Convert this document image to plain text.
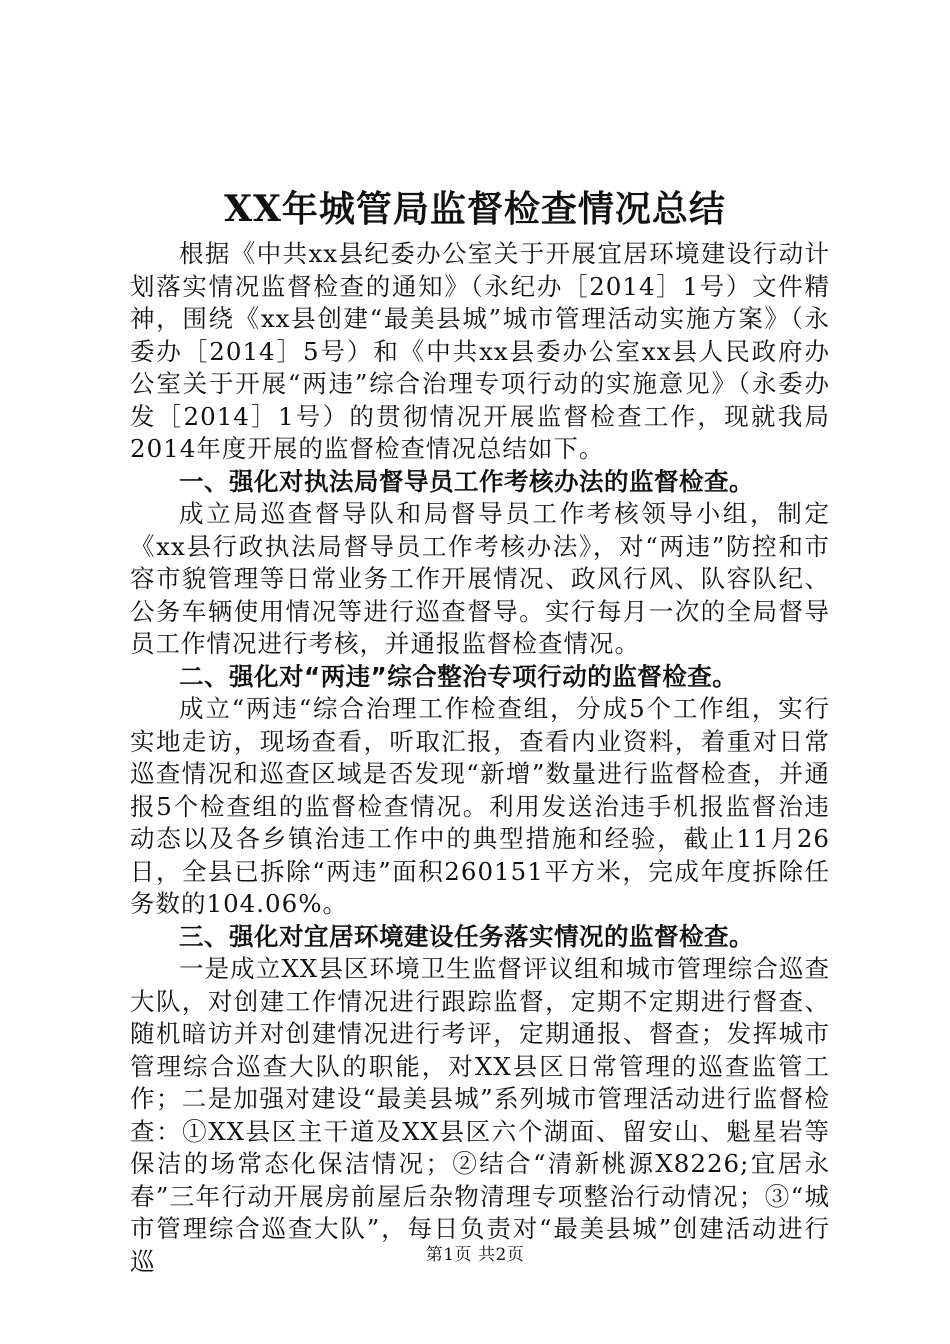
XX年城管局监督检查情况总结

根据《中共xx县纪委办公室关于开展宜居环境建设行动计划落实情况监督检查的通知》（永纪办［2014］1号）文件精神，围绕《xx县创建“最美县城”城市管理活动实施方案》（永委办［2014］5号）和《中共xx县委办公室xx县人民政府办公室关于开展“两违”综合治理专项行动的实施意见》（永委办发［2014］1号）的贯彻情况开展监督检查工作，现就我局2014年度开展的监督检查情况总结如下。

一、强化对执法局督导员工作考核办法的监督检查。

成立局巡查督导队和局督导员工作考核领导小组，制定《xx县行政执法局督导员工作考核办法》，对“两违”防控和市容市貌管理等日常业务工作开展情况、政风行风、队容队纪、公务车辆使用情况等进行巡查督导。实行每月一次的全局督导员工作情况进行考核，并通报监督检查情况。

二、强化对“两违”综合整治专项行动的监督检查。

成立“两违“综合治理工作检查组，分成5个工作组，实行实地走访，现场查看，听取汇报，查看内业资料，着重对日常巡查情况和巡查区域是否发现“新增”数量进行监督检查，并通报5个检查组的监督检查情况。利用发送治违手机报监督治违动态以及各乡镇治违工作中的典型措施和经验，截止11月26日，全县已拆除“两违”面积260151平方米，完成年度拆除任务数的104.06%。

三、强化对宜居环境建设任务落实情况的监督检查。

一是成立XX县区环境卫生监督评议组和城市管理综合巡查大队，对创建工作情况进行跟踪监督，定期不定期进行督查、随机暗访并对创建情况进行考评，定期通报、督查；发挥城市管理综合巡查大队的职能，对XX县区日常管理的巡查监管工作；二是加强对建设“最美县城”系列城市管理活动进行监督检查：①XX县区主干道及XX县区六个湖面、留安山、魁星岩等保洁的场常态化保洁情况；②结合“清新桃源X8226;宜居永春”三年行动开展房前屋后杂物清理专项整治行动情况；③“城市管理综合巡查大队”，每日负责对“最美县城”创建活动进行巡	第1页 共2页
